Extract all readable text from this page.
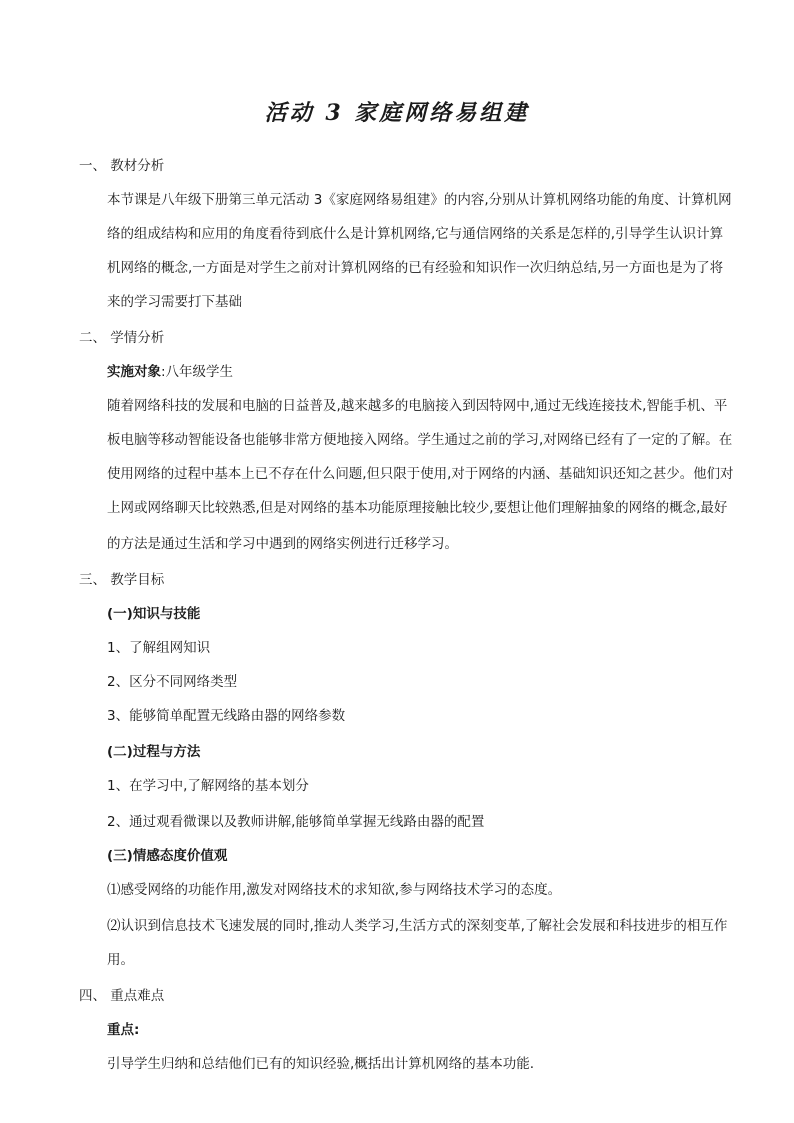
活动 3 家庭网络易组建
一、 教材分析
本节课是八年级下册第三单元活动 3《家庭网络易组建》的内容,分别从计算机网络功能的角度、计算机网
络的组成结构和应用的角度看待到底什么是计算机网络,它与通信网络的关系是怎样的,引导学生认识计算
机网络的概念,一方面是对学生之前对计算机网络的已有经验和知识作一次归纳总结,另一方面也是为了将
来的学习需要打下基础
二、 学情分析
实施对象:八年级学生
随着网络科技的发展和电脑的日益普及,越来越多的电脑接入到因特网中,通过无线连接技术,智能手机、平
板电脑等移动智能设备也能够非常方便地接入网络。学生通过之前的学习,对网络已经有了一定的了解。在
使用网络的过程中基本上已不存在什么问题,但只限于使用,对于网络的内涵、基础知识还知之甚少。他们对
上网或网络聊天比较熟悉,但是对网络的基本功能原理接触比较少,要想让他们理解抽象的网络的概念,最好
的方法是通过生活和学习中遇到的网络实例进行迁移学习。
三、 教学目标
(一)知识与技能
1、了解组网知识
2、区分不同网络类型
3、能够简单配置无线路由器的网络参数
(二)过程与方法
1、在学习中,了解网络的基本划分
2、通过观看微课以及教师讲解,能够简单掌握无线路由器的配置
(三)情感态度价值观
⑴感受网络的功能作用,激发对网络技术的求知欲,参与网络技术学习的态度。
⑵认识到信息技术飞速发展的同时,推动人类学习,生活方式的深刻变革,了解社会发展和科技进步的相互作
用。
四、 重点难点
重点:
引导学生归纳和总结他们已有的知识经验,概括出计算机网络的基本功能.
